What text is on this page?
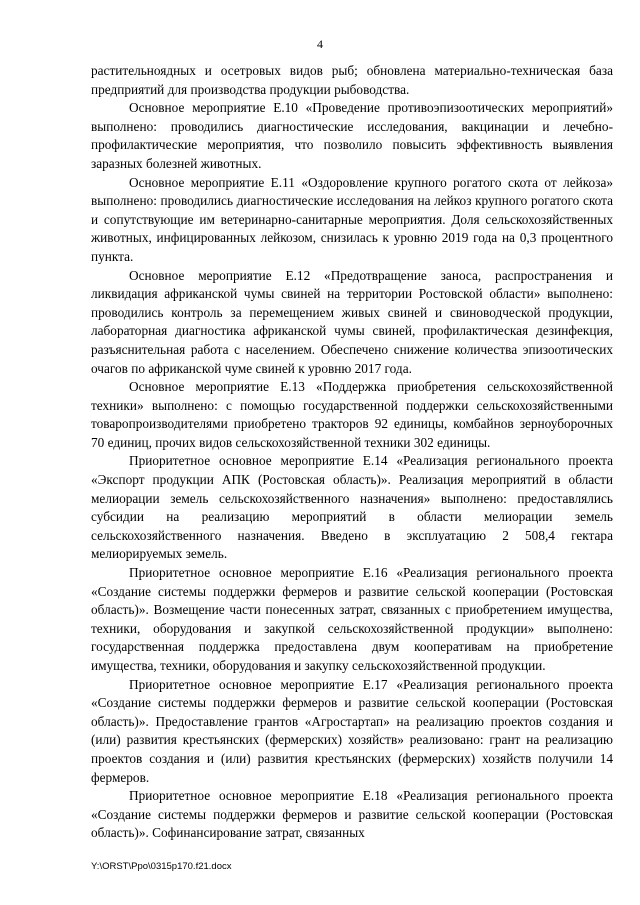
4

растительноядных и осетровых видов рыб; обновлена материально-техническая база предприятий для производства продукции рыбоводства.

Основное мероприятие Е.10 «Проведение противоэпизоотических мероприятий» выполнено: проводились диагностические исследования, вакцинации и лечебно-профилактические мероприятия, что позволило повысить эффективность выявления заразных болезней животных.

Основное мероприятие Е.11 «Оздоровление крупного рогатого скота от лейкоза» выполнено: проводились диагностические исследования на лейкоз крупного рогатого скота и сопутствующие им ветеринарно-санитарные мероприятия. Доля сельскохозяйственных животных, инфицированных лейкозом, снизилась к уровню 2019 года на 0,3 процентного пункта.

Основное мероприятие Е.12 «Предотвращение заноса, распространения и ликвидация африканской чумы свиней на территории Ростовской области» выполнено: проводились контроль за перемещением живых свиней и свиноводческой продукции, лабораторная диагностика африканской чумы свиней, профилактическая дезинфекция, разъяснительная работа с населением. Обеспечено снижение количества эпизоотических очагов по африканской чуме свиней к уровню 2017 года.

Основное мероприятие Е.13 «Поддержка приобретения сельскохозяйственной техники» выполнено: с помощью государственной поддержки сельскохозяйственными товаропроизводителями приобретено тракторов 92 единицы, комбайнов зерноуборочных 70 единиц, прочих видов сельскохозяйственной техники 302 единицы.

Приоритетное основное мероприятие Е.14 «Реализация регионального проекта «Экспорт продукции АПК (Ростовская область)». Реализация мероприятий в области мелиорации земель сельскохозяйственного назначения» выполнено: предоставлялись субсидии на реализацию мероприятий в области мелиорации земель сельскохозяйственного назначения. Введено в эксплуатацию 2 508,4 гектара мелиорируемых земель.

Приоритетное основное мероприятие Е.16 «Реализация регионального проекта «Создание системы поддержки фермеров и развитие сельской кооперации (Ростовская область)». Возмещение части понесенных затрат, связанных с приобретением имущества, техники, оборудования и закупкой сельскохозяйственной продукции» выполнено: государственная поддержка предоставлена двум кооперативам на приобретение имущества, техники, оборудования и закупку сельскохозяйственной продукции.

Приоритетное основное мероприятие Е.17 «Реализация регионального проекта «Создание системы поддержки фермеров и развитие сельской кооперации (Ростовская область)». Предоставление грантов «Агростартап» на реализацию проектов создания и (или) развития крестьянских (фермерских) хозяйств» реализовано: грант на реализацию проектов создания и (или) развития крестьянских (фермерских) хозяйств получили 14 фермеров.

Приоритетное основное мероприятие Е.18 «Реализация регионального проекта «Создание системы поддержки фермеров и развитие сельской кооперации (Ростовская область)». Софинансирование затрат, связанных

Y:\ORST\Ppo\0315p170.f21.docx
